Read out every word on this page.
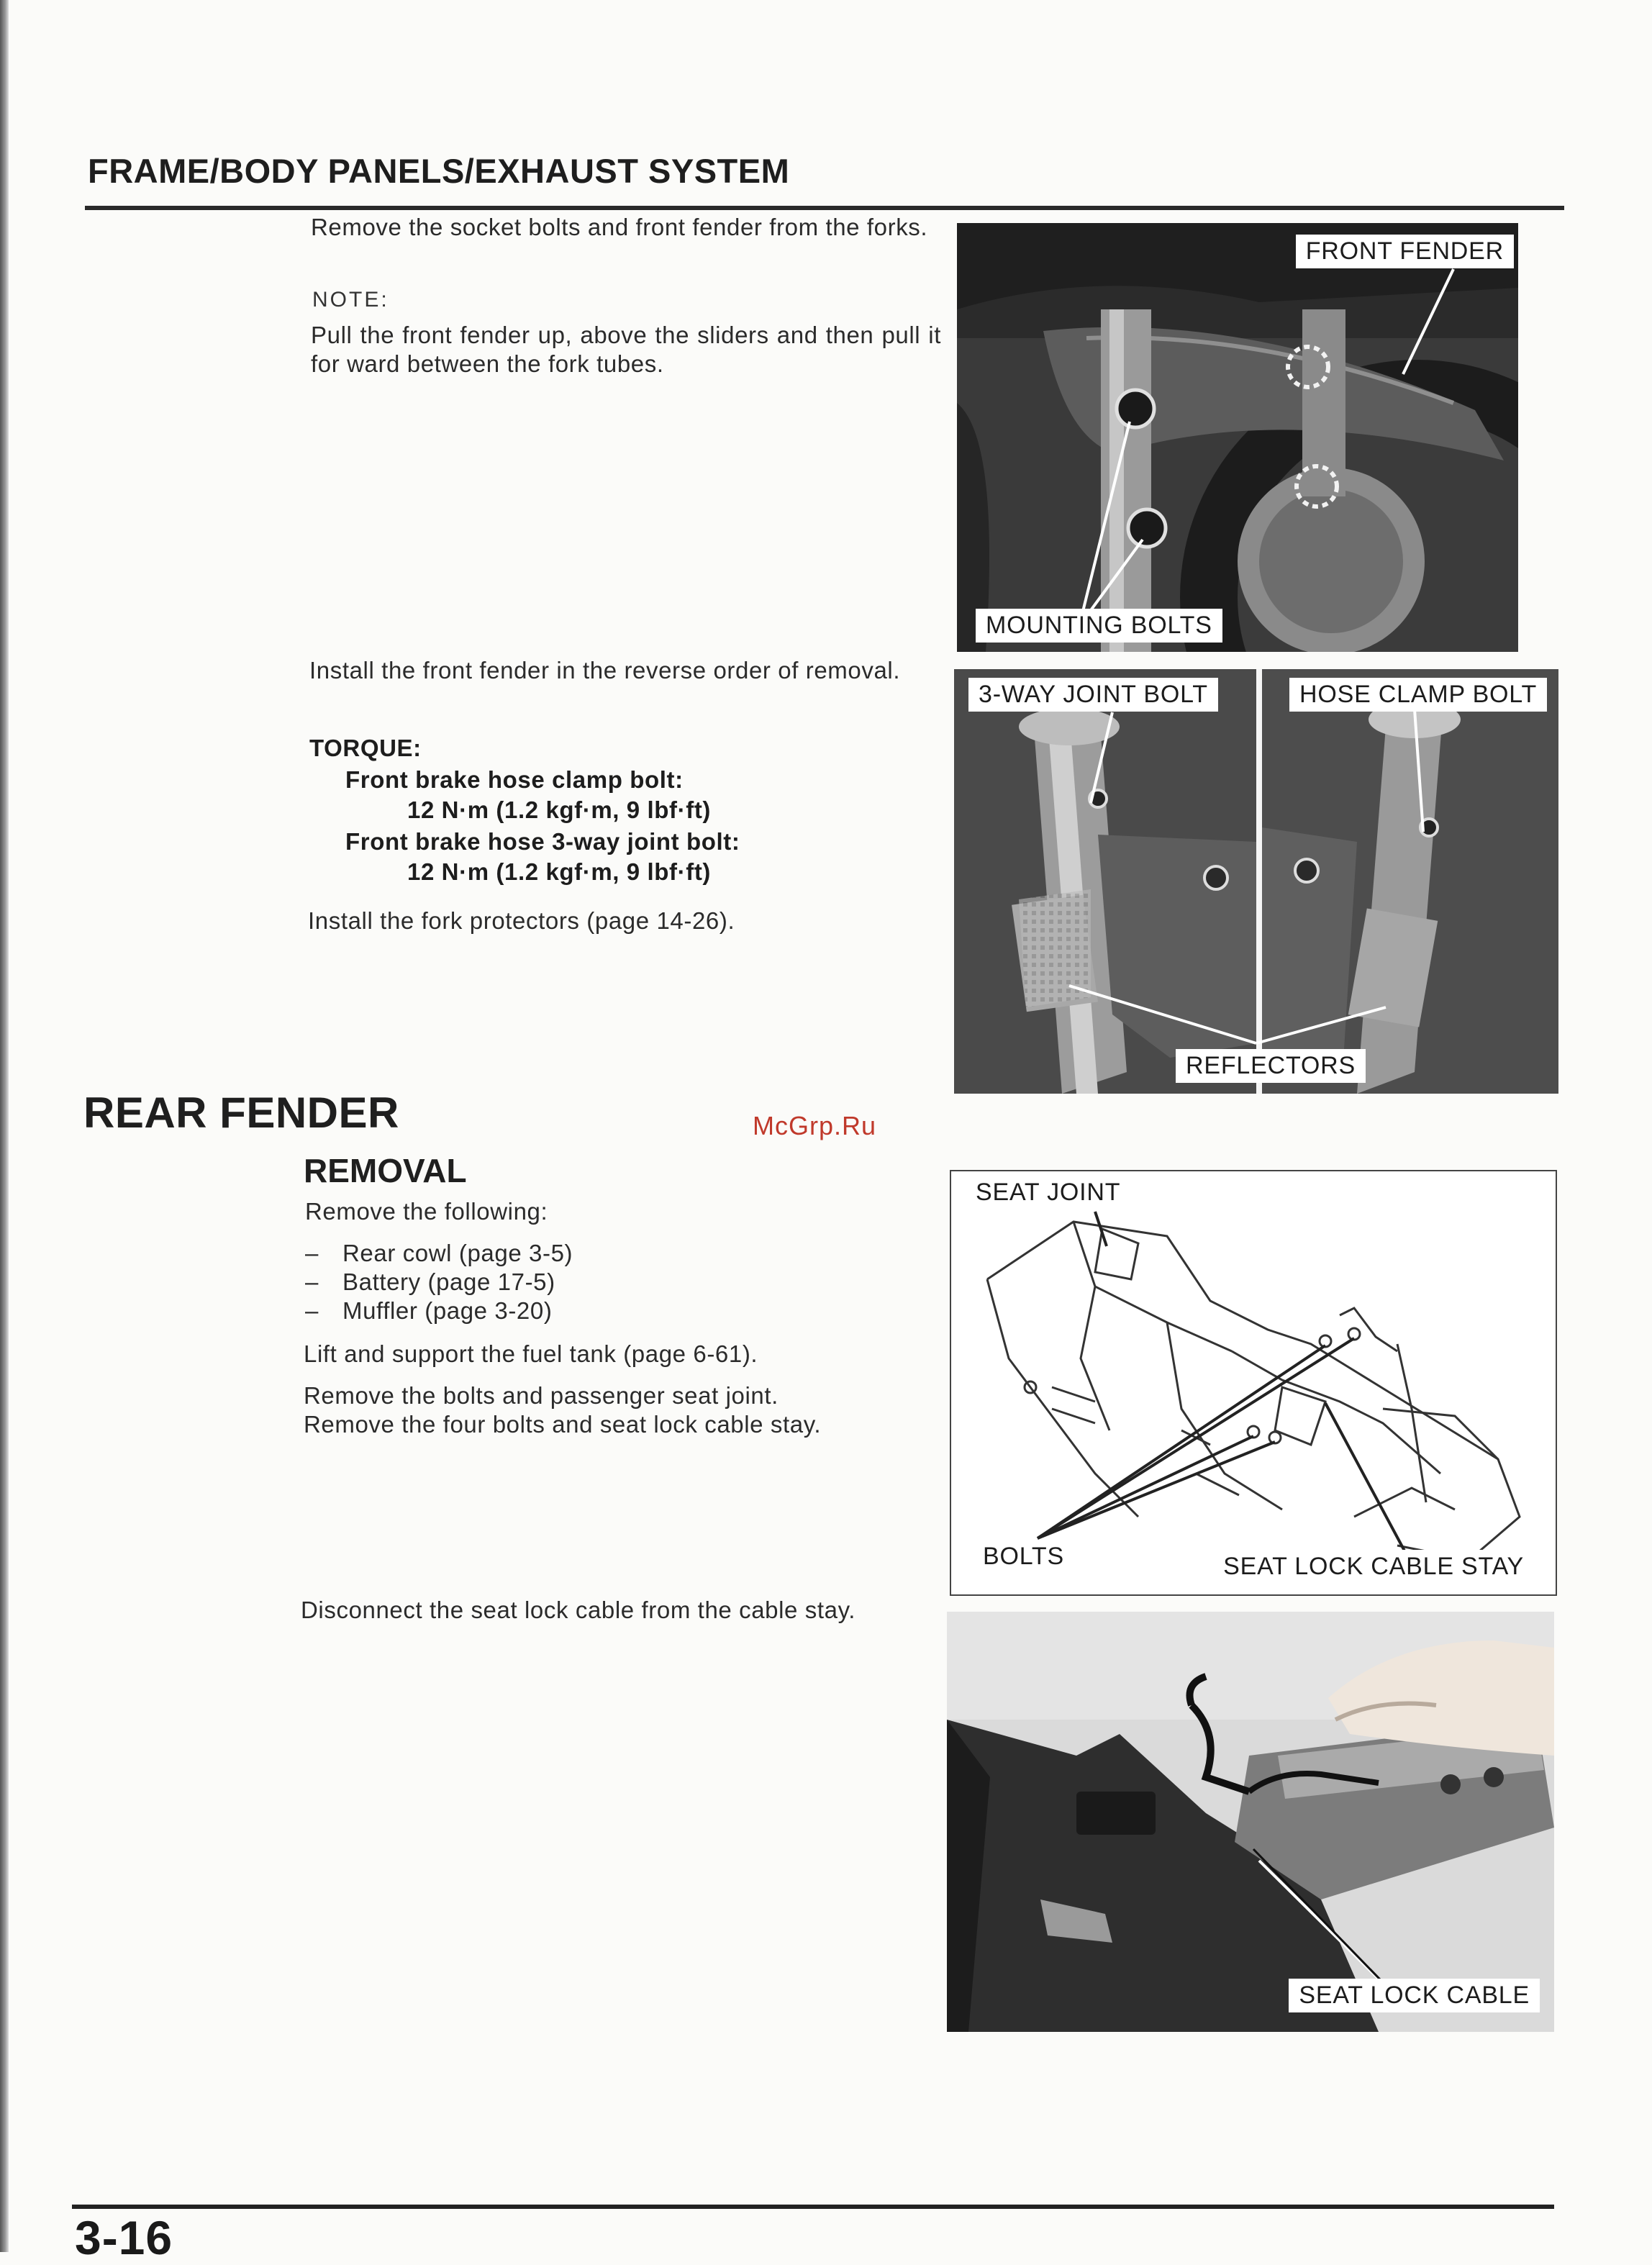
FRAME/BODY PANELS/EXHAUST SYSTEM
Remove the socket bolts and front fender from the forks.
NOTE:
Pull the front fender up, above the sliders and then pull it for ward between the fork tubes.
FRONT FENDER
MOUNTING BOLTS
Install the front fender in the reverse order of removal.
TORQUE:
Front brake hose clamp bolt:
12 N·m (1.2 kgf·m, 9 lbf·ft)
Front brake hose 3-way joint bolt:
12 N·m (1.2 kgf·m, 9 lbf·ft)
Install the fork protectors (page 14-26).
3-WAY JOINT BOLT	HOSE CLAMP BOLT
REFLECTORS
REAR FENDER	McGrp.Ru
REMOVAL
Remove the following:
– Rear cowl (page 3-5)
– Battery (page 17-5)
– Muffler (page 3-20)
Lift and support the fuel tank (page 6-61).
Remove the bolts and passenger seat joint.
Remove the four bolts and seat lock cable stay.
SEAT JOINT
BOLTS	SEAT LOCK CABLE STAY
Disconnect the seat lock cable from the cable stay.
SEAT LOCK CABLE
3-16
